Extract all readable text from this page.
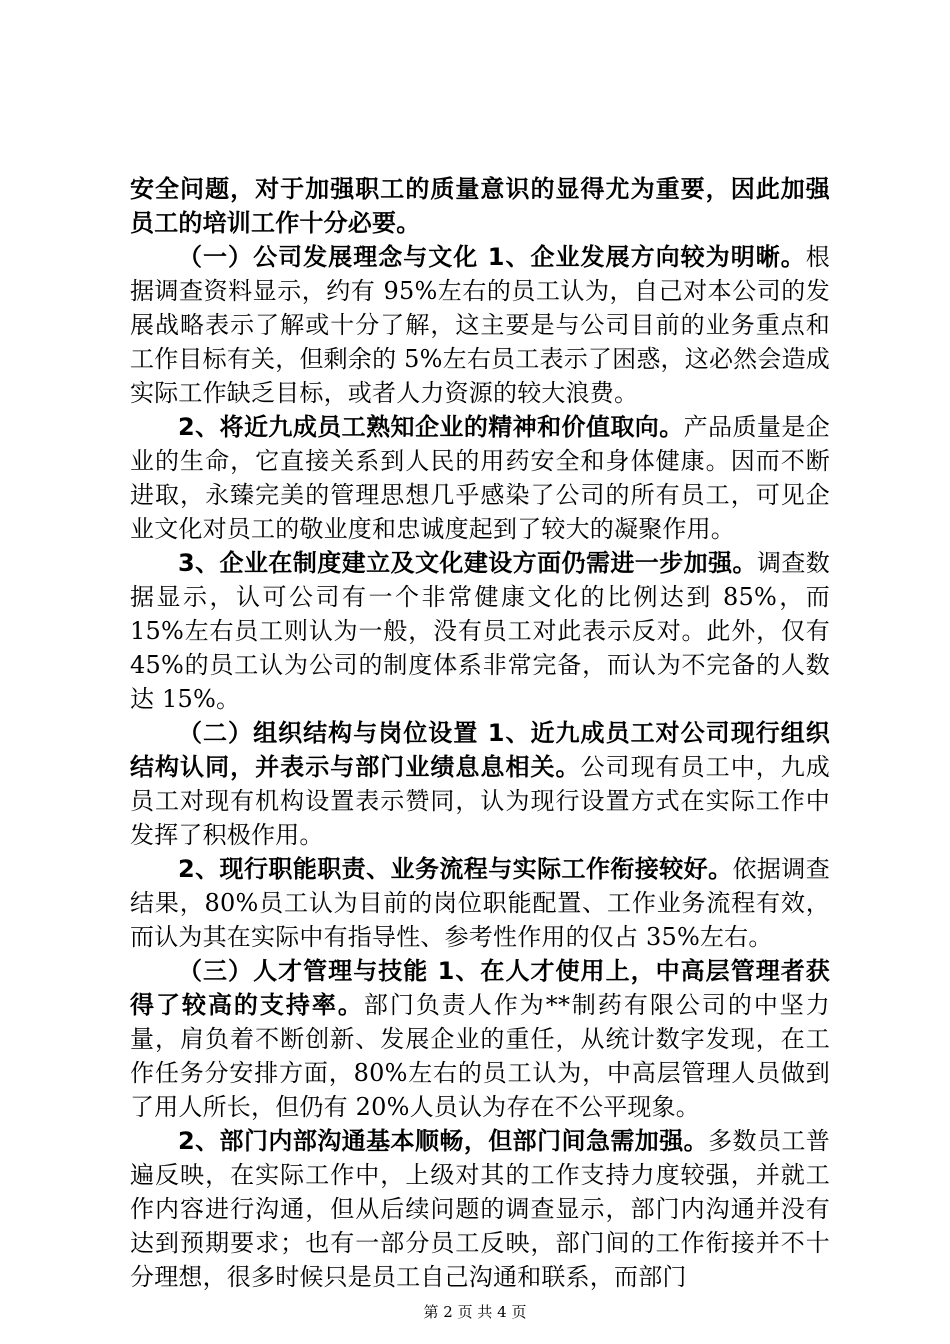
安全问题，对于加强职工的质量意识的显得尤为重要，因此加强员工的培训工作十分必要。

（一）公司发展理念与文化 1、企业发展方向较为明晰。根据调查资料显示，约有 95%左右的员工认为，自己对本公司的发展战略表示了解或十分了解，这主要是与公司目前的业务重点和工作目标有关，但剩余的 5%左右员工表示了困惑，这必然会造成实际工作缺乏目标，或者人力资源的较大浪费。

2、将近九成员工熟知企业的精神和价值取向。产品质量是企业的生命，它直接关系到人民的用药安全和身体健康。因而不断进取，永臻完美的管理思想几乎感染了公司的所有员工，可见企业文化对员工的敬业度和忠诚度起到了较大的凝聚作用。

3、企业在制度建立及文化建设方面仍需进一步加强。调查数据显示，认可公司有一个非常健康文化的比例达到 85%，而 15%左右员工则认为一般，没有员工对此表示反对。此外，仅有 45%的员工认为公司的制度体系非常完备，而认为不完备的人数达 15%。

（二）组织结构与岗位设置 1、近九成员工对公司现行组织结构认同，并表示与部门业绩息息相关。公司现有员工中，九成员工对现有机构设置表示赞同，认为现行设置方式在实际工作中发挥了积极作用。

2、现行职能职责、业务流程与实际工作衔接较好。依据调查结果，80%员工认为目前的岗位职能配置、工作业务流程有效，而认为其在实际中有指导性、参考性作用的仅占 35%左右。

（三）人才管理与技能 1、在人才使用上，中高层管理者获得了较高的支持率。部门负责人作为**制药有限公司的中坚力量，肩负着不断创新、发展企业的重任，从统计数字发现，在工作任务分安排方面，80%左右的员工认为，中高层管理人员做到了用人所长，但仍有 20%人员认为存在不公平现象。

2、部门内部沟通基本顺畅，但部门间急需加强。多数员工普遍反映，在实际工作中，上级对其的工作支持力度较强，并就工作内容进行沟通，但从后续问题的调查显示，部门内沟通并没有达到预期要求；也有一部分员工反映，部门间的工作衔接并不十分理想，很多时候只是员工自己沟通和联系，而部门

第 2 页 共 4 页
